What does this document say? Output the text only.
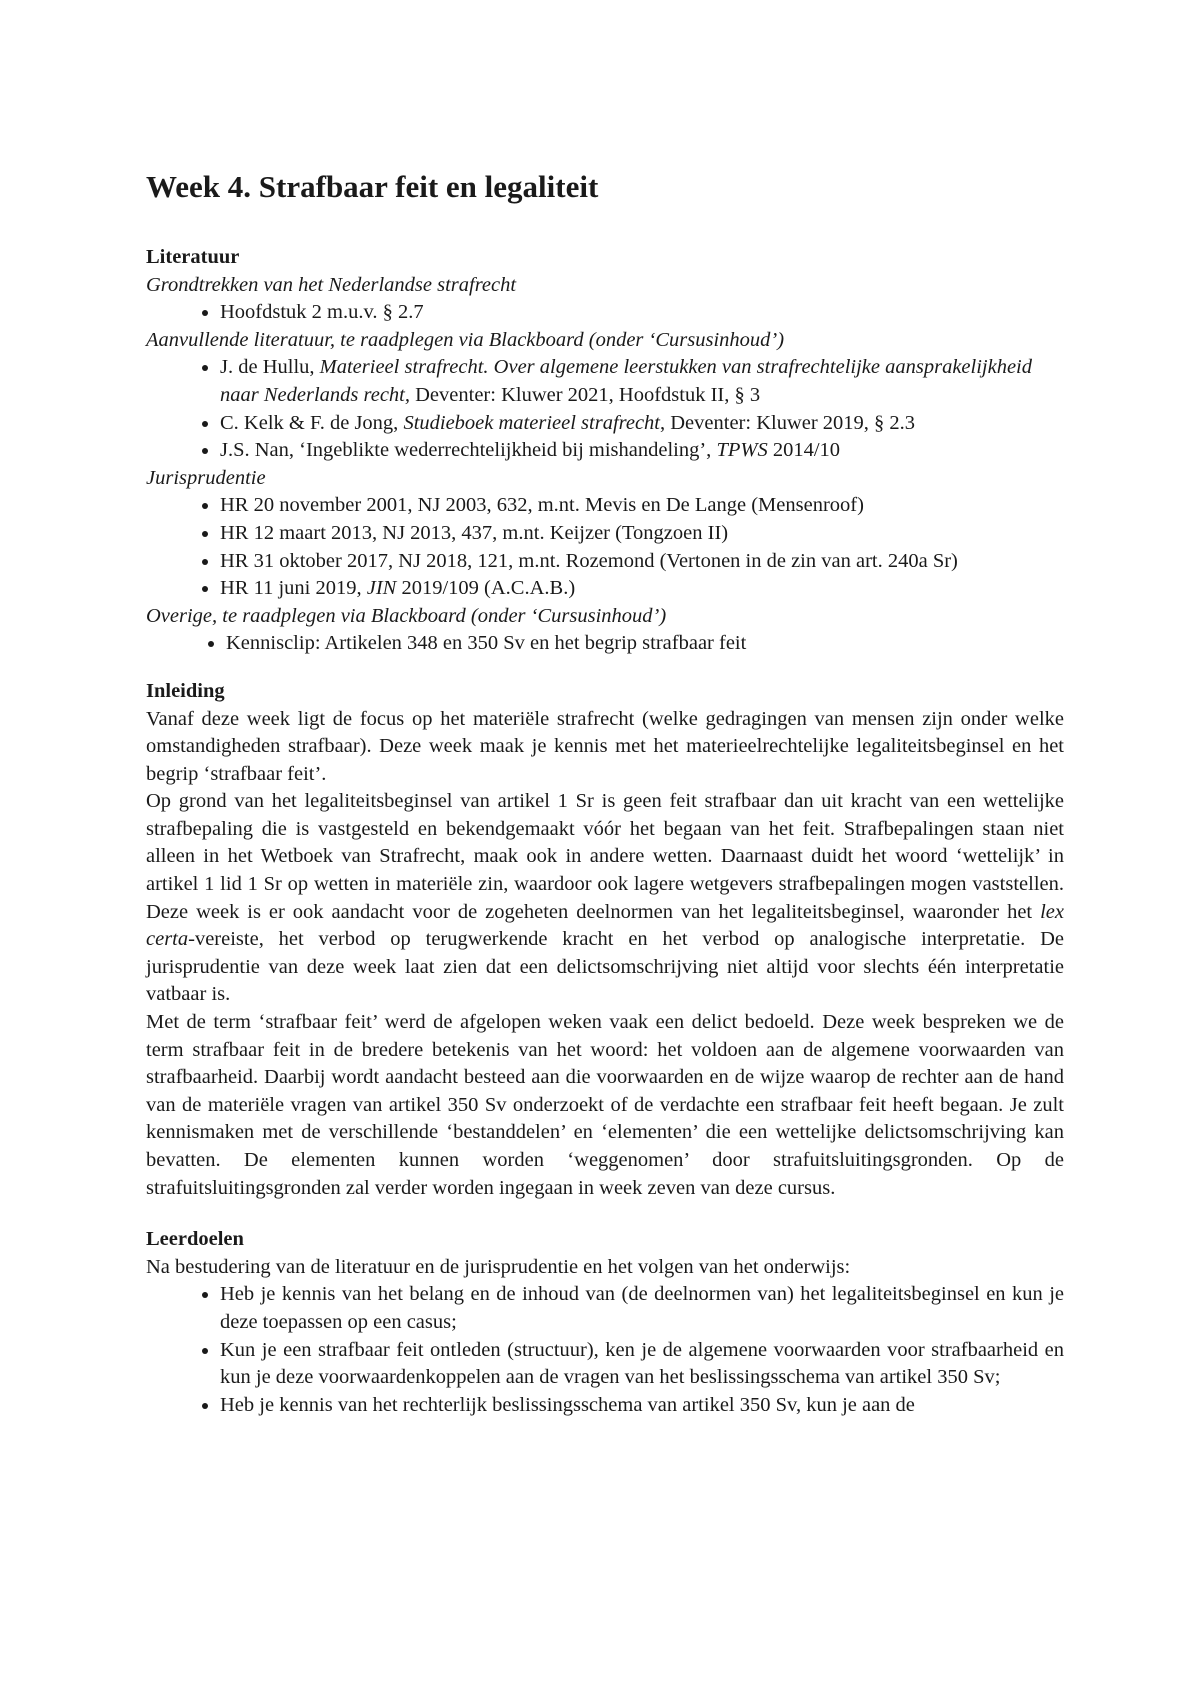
Week 4. Strafbaar feit en legaliteit
Literatuur
Grondtrekken van het Nederlandse strafrecht
• Hoofdstuk 2 m.u.v. § 2.7
Aanvullende literatuur, te raadplegen via Blackboard (onder ‘Cursusinhoud’)
• J. de Hullu, Materieel strafrecht. Over algemene leerstukken van strafrechtelijke aansprakelijkheid naar Nederlands recht, Deventer: Kluwer 2021, Hoofdstuk II, § 3
• C. Kelk & F. de Jong, Studieboek materieel strafrecht, Deventer: Kluwer 2019, § 2.3
• J.S. Nan, ‘Ingeblikte wederrechtelijkheid bij mishandeling’, TPWS 2014/10
Jurisprudentie
• HR 20 november 2001, NJ 2003, 632, m.nt. Mevis en De Lange (Mensenroof)
• HR 12 maart 2013, NJ 2013, 437, m.nt. Keijzer (Tongzoen II)
• HR 31 oktober 2017, NJ 2018, 121, m.nt. Rozemond (Vertonen in de zin van art. 240a Sr)
• HR 11 juni 2019, JIN 2019/109 (A.C.A.B.)
Overige, te raadplegen via Blackboard (onder ‘Cursusinhoud’)
• Kennisclip: Artikelen 348 en 350 Sv en het begrip strafbaar feit
Inleiding

Vanaf deze week ligt de focus op het materiële strafrecht (welke gedragingen van mensen zijn onder welke omstandigheden strafbaar). Deze week maak je kennis met het materieelrechtelijke legaliteitsbeginsel en het begrip ‘strafbaar feit’.

Op grond van het legaliteitsbeginsel van artikel 1 Sr is geen feit strafbaar dan uit kracht van een wettelijke strafbepaling die is vastgesteld en bekendgemaakt vóór het begaan van het feit. Strafbepalingen staan niet alleen in het Wetboek van Strafrecht, maak ook in andere wetten. Daarnaast duidt het woord ‘wettelijk’ in artikel 1 lid 1 Sr op wetten in materiële zin, waardoor ook lagere wetgevers strafbepalingen mogen vaststellen. Deze week is er ook aandacht voor de zogeheten deelnormen van het legaliteitsbeginsel, waaronder het lex certa-vereiste, het verbod op terugwerkende kracht en het verbod op analogische interpretatie. De jurisprudentie van deze week laat zien dat een delictsomschrijving niet altijd voor slechts één interpretatie vatbaar is.

Met de term ‘strafbaar feit’ werd de afgelopen weken vaak een delict bedoeld. Deze week bespreken we de term strafbaar feit in de bredere betekenis van het woord: het voldoen aan de algemene voorwaarden van strafbaarheid. Daarbij wordt aandacht besteed aan die voorwaarden en de wijze waarop de rechter aan de hand van de materiële vragen van artikel 350 Sv onderzoekt of de verdachte een strafbaar feit heeft begaan. Je zult kennismaken met de verschillende ‘bestanddelen’ en ‘elementen’ die een wettelijke delictsomschrijving kan bevatten. De elementen kunnen worden ‘weggenomen’ door strafuitsluitingsgronden. Op de strafuitsluitingsgronden zal verder worden ingegaan in week zeven van deze cursus.

Leerdoelen

Na bestudering van de literatuur en de jurisprudentie en het volgen van het onderwijs:

• Heb je kennis van het belang en de inhoud van (de deelnormen van) het legaliteitsbeginsel en kun je deze toepassen op een casus;
• Kun je een strafbaar feit ontleden (structuur), ken je de algemene voorwaarden voor strafbaarheid en kun je deze voorwaardenkoppelen aan de vragen van het beslissingsschema van artikel 350 Sv;
• Heb je kennis van het rechterlijk beslissingsschema van artikel 350 Sv, kun je aan de
